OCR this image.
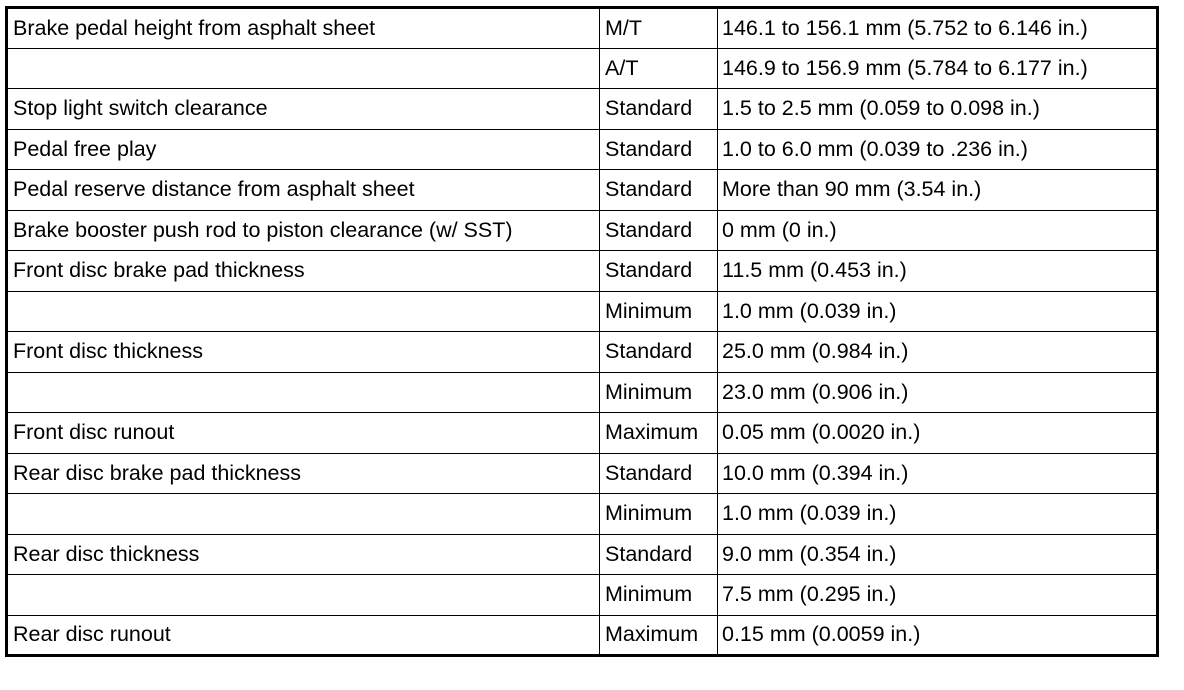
Brake pedal height from asphalt sheet	M/T	146.1 to 156.1 mm (5.752 to 6.146 in.)
	A/T	146.9 to 156.9 mm (5.784 to 6.177 in.)
Stop light switch clearance	Standard	1.5 to 2.5 mm (0.059 to 0.098 in.)
Pedal free play	Standard	1.0 to 6.0 mm (0.039 to .236 in.)
Pedal reserve distance from asphalt sheet	Standard	More than 90 mm (3.54 in.)
Brake booster push rod to piston clearance (w/ SST)	Standard	0 mm (0 in.)
Front disc brake pad thickness	Standard	11.5 mm (0.453 in.)
	Minimum	1.0 mm (0.039 in.)
Front disc thickness	Standard	25.0 mm (0.984 in.)
	Minimum	23.0 mm (0.906 in.)
Front disc runout	Maximum	0.05 mm (0.0020 in.)
Rear disc brake pad thickness	Standard	10.0 mm (0.394 in.)
	Minimum	1.0 mm (0.039 in.)
Rear disc thickness	Standard	9.0 mm (0.354 in.)
	Minimum	7.5 mm (0.295 in.)
Rear disc runout	Maximum	0.15 mm (0.0059 in.)
